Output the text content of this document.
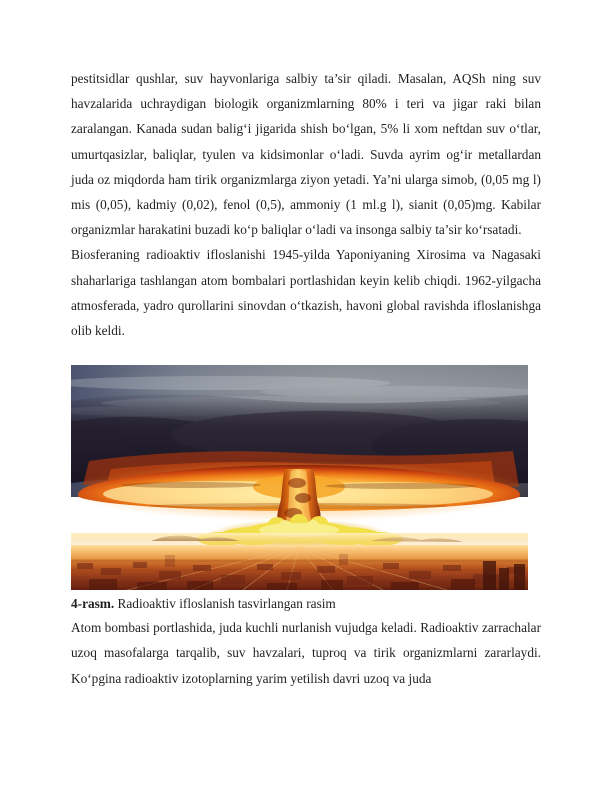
pestitsidlar qushlar, suv hayvonlariga salbiy ta’sir qiladi. Masalan, AQSh ning suv havzalarida uchraydigan biologik organizmlarning 80% i teri va jigar raki bilan zaralangan. Kanada sudan balig‘i jigarida shish bo‘lgan, 5% li xom neftdan suv o‘tlar, umurtqasizlar, baliqlar, tyulen va kidsimonlar o‘ladi. Suvda ayrim og‘ir metallardan juda oz miqdorda ham tirik organizmlarga ziyon yetadi. Ya’ni ularga simob, (0,05 mg l) mis (0,05), kadmiy (0,02), fenol (0,5), ammoniy (1 ml.g l), sianit (0,05)mg. Kabilar organizmlar harakatini buzadi ko‘p baliqlar o‘ladi va insonga salbiy ta’sir ko‘rsatadi.

Biosferaning radioaktiv ifloslanishi 1945-yilda Yaponiyaning Xirosima va Nagasaki shaharlariga tashlangan atom bombalari portlashidan keyin kelib chiqdi. 1962-yilgacha atmosferada, yadro qurollarini sinovdan o‘tkazish, havoni global ravishda ifloslanishga olib keldi.

4-rasm. Radioaktiv ifloslanish tasvirlangan rasim

Atom bombasi portlashida, juda kuchli nurlanish vujudga keladi. Radioaktiv zarrachalar uzoq masofalarga tarqalib, suv havzalari, tuproq va tirik organizmlarni zararlaydi. Ko‘pgina radioaktiv izotoplarning yarim yetilish davri uzoq va juda
